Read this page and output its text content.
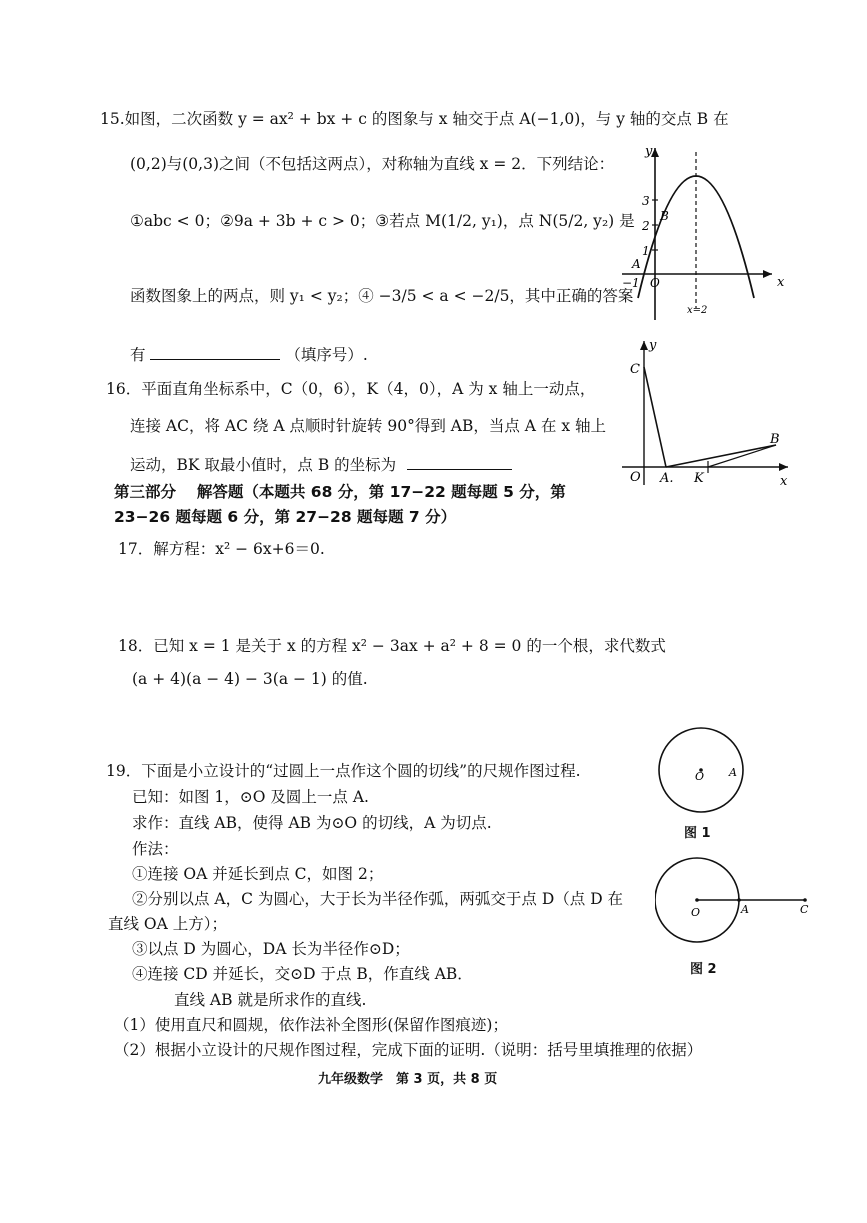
15.如图，二次函数 y = ax² + bx + c 的图象与 x 轴交于点 A(−1,0)，与 y 轴的交点 B 在
(0,2)与(0,3)之间（不包括这两点），对称轴为直线 x = 2．下列结论：
①abc < 0；②9a + 3b + c > 0；③若点 M(1/2, y₁)，点 N(5/2, y₂) 是
函数图象上的两点，则 y₁ < y₂；④ −3/5 < a < −2/5，其中正确的答案
有	（填序号）.
y
x
3
2
1
B
A
O
−1
x=2
16．平面直角坐标系中，C（0，6），K（4，0），A 为 x 轴上一动点，
连接 AC，将 AC 绕 A 点顺时针旋转 90°得到 AB，当点 A 在 x 轴上
运动，BK 取最小值时，点 B 的坐标为
y
C
B
O A. K	x
第三部分　 解答题（本题共 68 分，第 17−22 题每题 5 分，第
23−26 题每题 6 分，第 27−28 题每题 7 分）
17．解方程：x² − 6x+6＝0.
18．已知 x = 1 是关于 x 的方程 x² − 3ax + a² + 8 = 0 的一个根，求代数式
(a + 4)(a − 4) − 3(a − 1) 的值.
19．下面是小立设计的“过圆上一点作这个圆的切线”的尺规作图过程.
已知：如图 1，⊙O 及圆上一点 A.
求作：直线 AB，使得 AB 为⊙O 的切线，A 为切点.
作法：
①连接 OA 并延长到点 C，如图 2；
②分别以点 A，C 为圆心，大于长为半径作弧，两弧交于点 D（点 D 在
直线 OA 上方）；
③以点 D 为圆心，DA 长为半径作⊙D；
④连接 CD 并延长，交⊙D 于点 B，作直线 AB．
直线 AB 就是所求作的直线.
（1）使用直尺和圆规，依作法补全图形(保留作图痕迹)；
（2）根据小立设计的尺规作图过程，完成下面的证明.（说明：括号里填推理的依据）
O A
图 1
O	A	C
图 2
九年级数学　第 3 页，共 8 页
